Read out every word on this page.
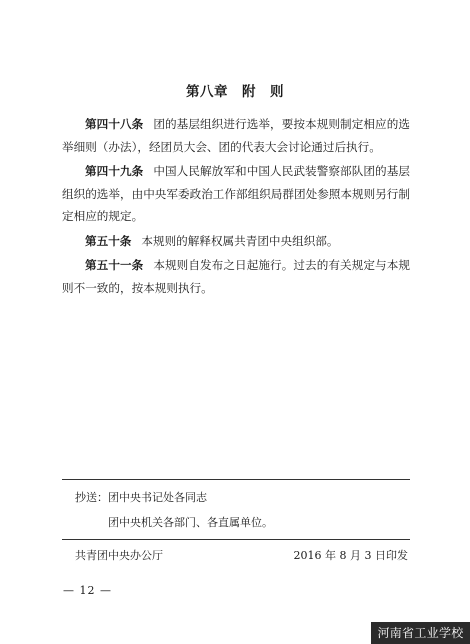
第八章 附　则

第四十八条 团的基层组织进行选举，要按本规则制定相应的选举细则（办法），经团员大会、团的代表大会讨论通过后执行。

第四十九条 中国人民解放军和中国人民武装警察部队团的基层组织的选举，由中央军委政治工作部组织局群团处参照本规则另行制定相应的规定。

第五十条 本规则的解释权属共青团中央组织部。

第五十一条 本规则自发布之日起施行。过去的有关规定与本规则不一致的，按本规则执行。

抄送：团中央书记处各同志
团中央机关各部门、各直属单位。
共青团中央办公厅	2016 年 8 月 3 日印发
— 12 —
河南省工业学校
